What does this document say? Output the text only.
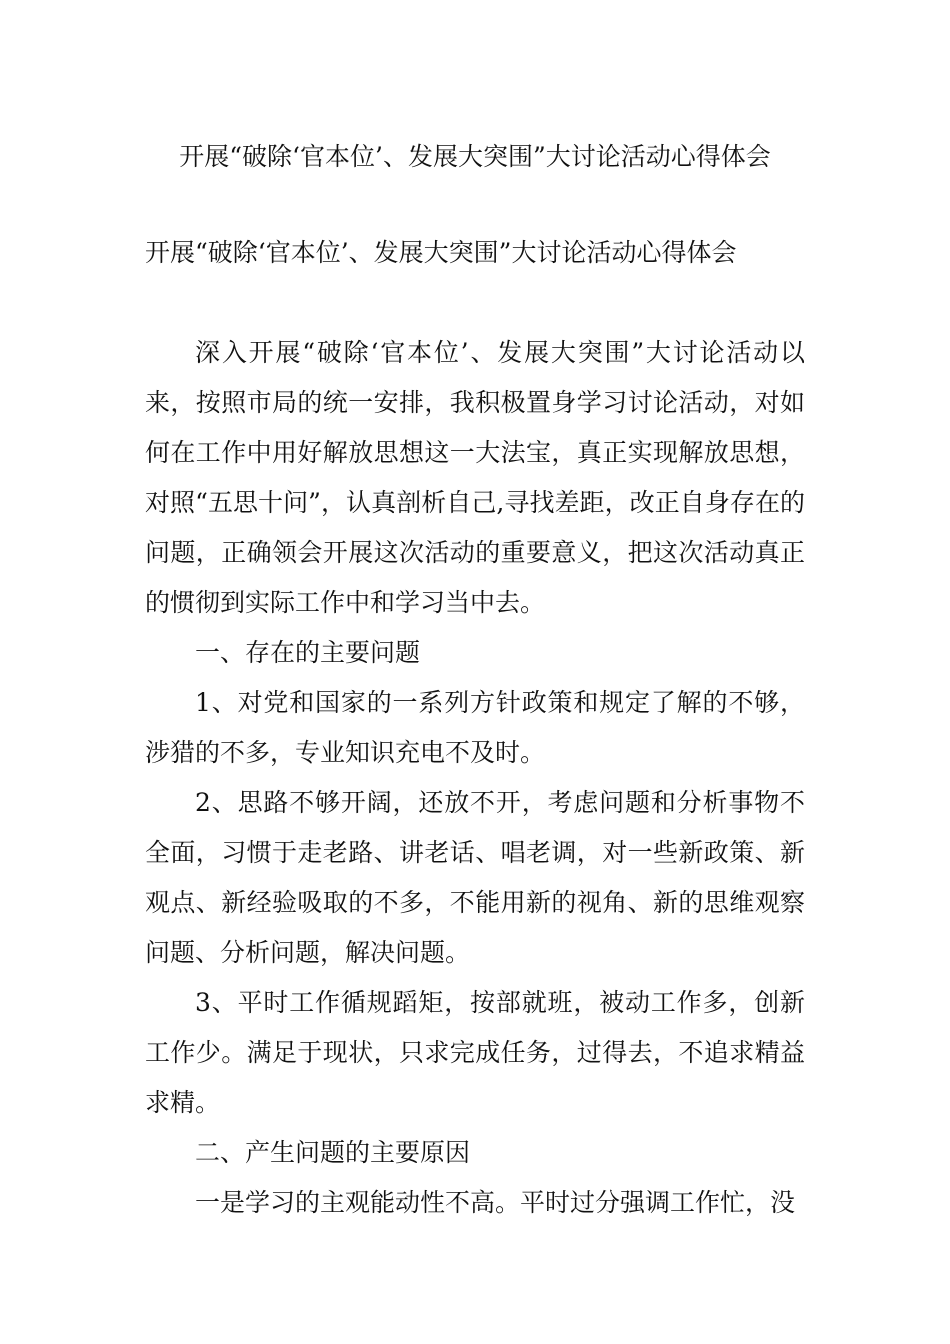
开展“破除‘官本位’、发展大突围”大讨论活动心得体会
开展“破除‘官本位’、发展大突围”大讨论活动心得体会

深入开展“破除‘官本位’、发展大突围”大讨论活动以来，按照市局的统一安排，我积极置身学习讨论活动，对如何在工作中用好解放思想这一大法宝，真正实现解放思想，对照“五思十问”，认真剖析自己,寻找差距，改正自身存在的问题，正确领会开展这次活动的重要意义，把这次活动真正的惯彻到实际工作中和学习当中去。

一、存在的主要问题

1、对党和国家的一系列方针政策和规定了解的不够，涉猎的不多，专业知识充电不及时。

2、思路不够开阔，还放不开，考虑问题和分析事物不全面，习惯于走老路、讲老话、唱老调，对一些新政策、新观点、新经验吸取的不多，不能用新的视角、新的思维观察问题、分析问题，解决问题。

3、平时工作循规蹈矩，按部就班，被动工作多，创新工作少。满足于现状，只求完成任务，过得去，不追求精益求精。

二、产生问题的主要原因

一是学习的主观能动性不高。平时过分强调工作忙，没
